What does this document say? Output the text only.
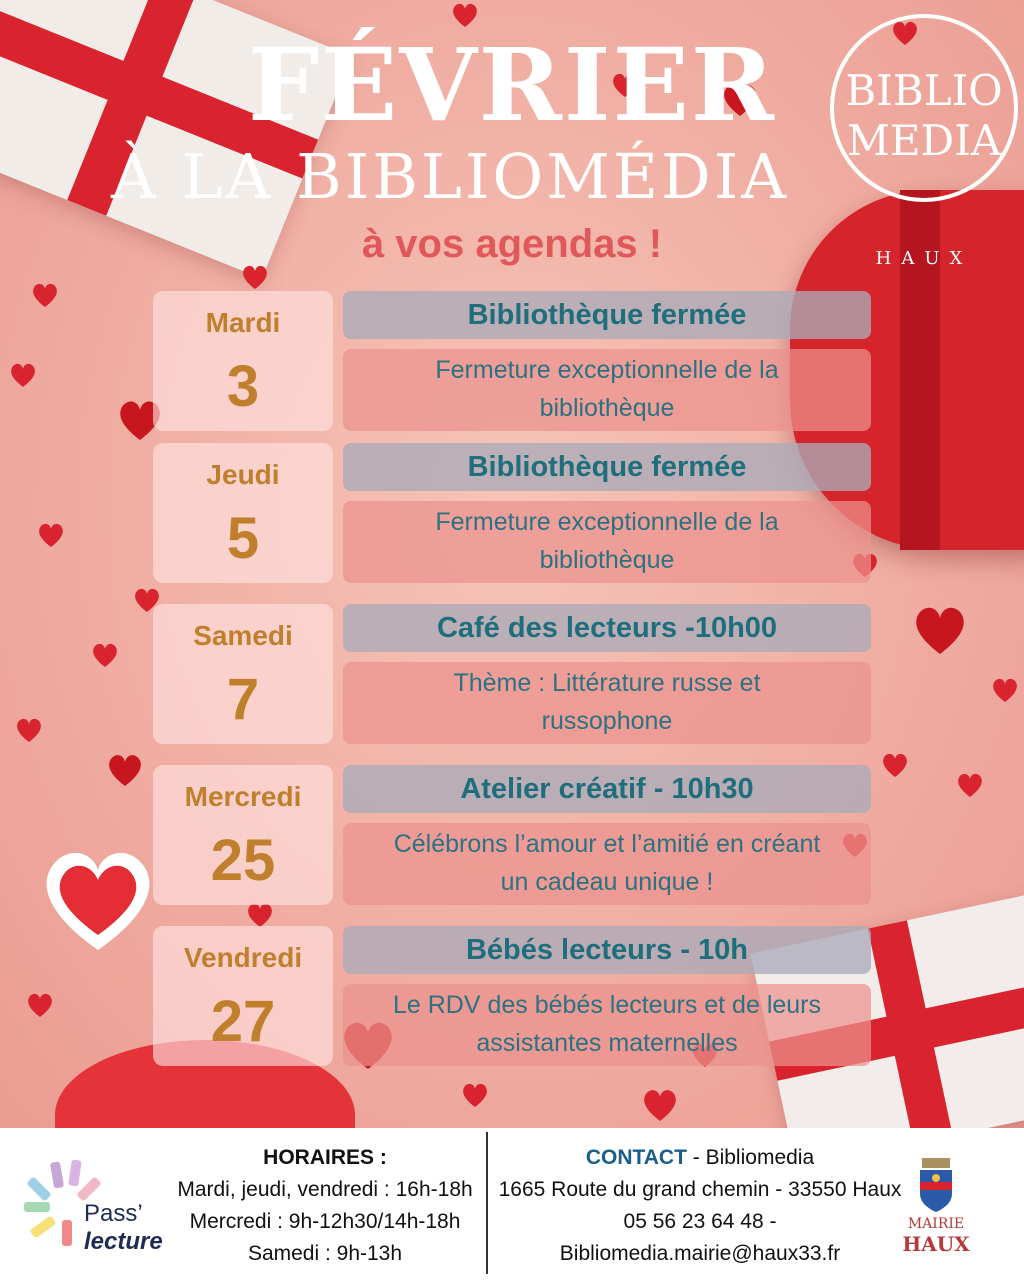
FÉVRIER
À LA BIBLIOMÉDIA
à vos agendas !
BIBLIO
MEDIA
HAUX
Mardi
3
Bibliothèque fermée
Fermeture exceptionnelle de la
bibliothèque
Jeudi
5
Bibliothèque fermée
Fermeture exceptionnelle de la
bibliothèque
Samedi
7
Café des lecteurs -10h00
Thème : Littérature russe et
russophone
Mercredi
25
Atelier créatif - 10h30
Célébrons l’amour et l’amitié en créant
un cadeau unique !
Vendredi
27
Bébés lecteurs - 10h
Le RDV des bébés lecteurs et de leurs
assistantes maternelles
Pass’
lecture
HORAIRES :
Mardi, jeudi, vendredi : 16h-18h
Mercredi : 9h-12h30/14h-18h
Samedi : 9h-13h
CONTACT - Bibliomedia
1665 Route du grand chemin - 33550 Haux
05 56 23 64 48 -
Bibliomedia.mairie@haux33.fr
MAIRIE
HAUX
